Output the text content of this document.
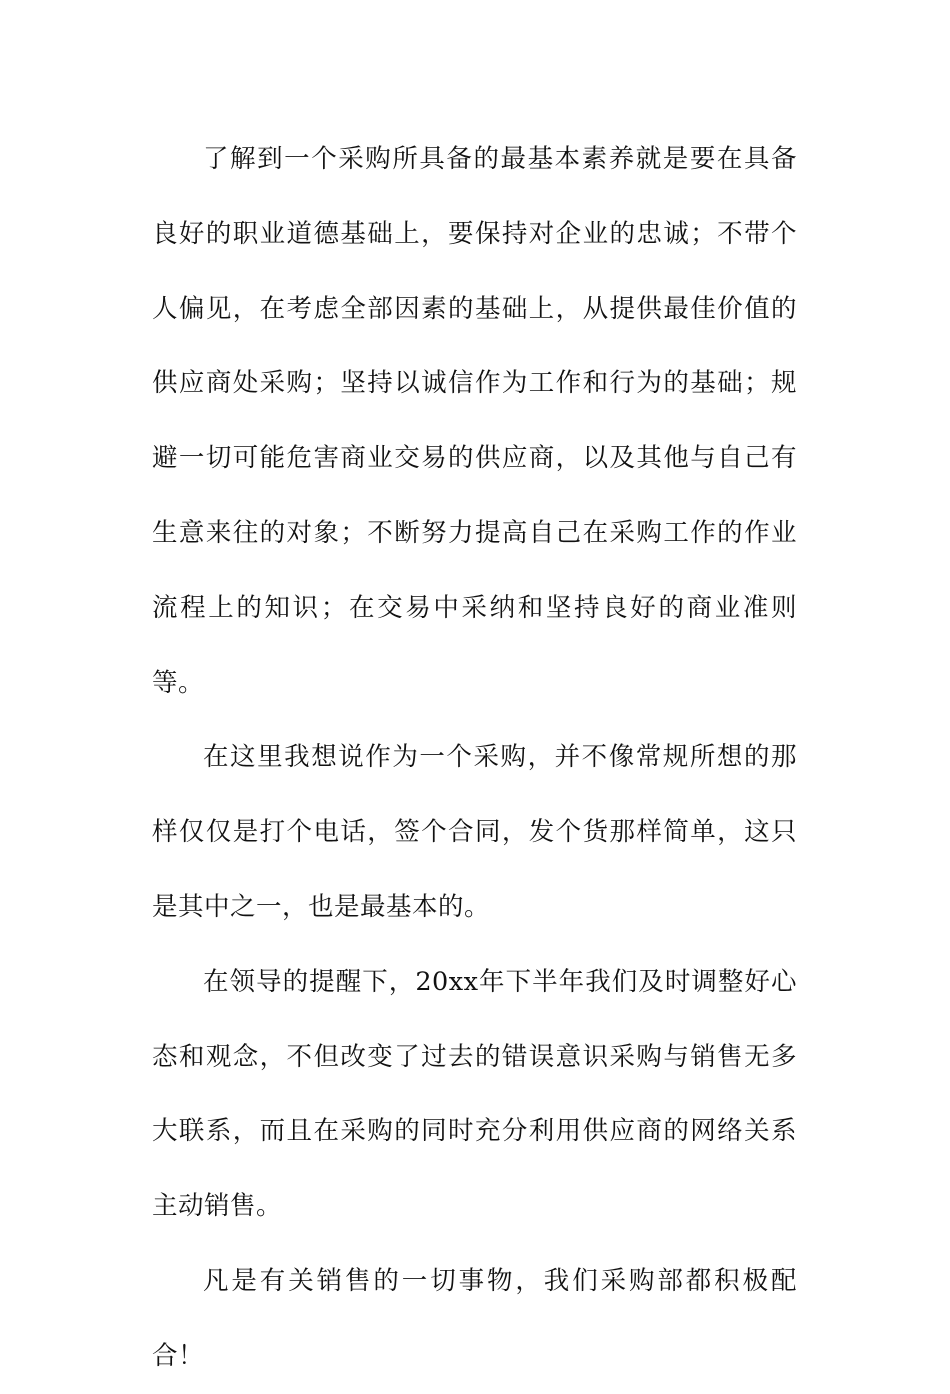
了解到一个采购所具备的最基本素养就是要在具备良好的职业道德基础上，要保持对企业的忠诚；不带个人偏见，在考虑全部因素的基础上，从提供最佳价值的供应商处采购；坚持以诚信作为工作和行为的基础；规避一切可能危害商业交易的供应商，以及其他与自己有生意来往的对象；不断努力提高自己在采购工作的作业流程上的知识；在交易中采纳和坚持良好的商业准则等。

在这里我想说作为一个采购，并不像常规所想的那样仅仅是打个电话，签个合同，发个货那样简单，这只是其中之一，也是最基本的。

在领导的提醒下，20xx年下半年我们及时调整好心态和观念，不但改变了过去的错误意识采购与销售无多大联系，而且在采购的同时充分利用供应商的网络关系主动销售。

凡是有关销售的一切事物，我们采购部都积极配合！
